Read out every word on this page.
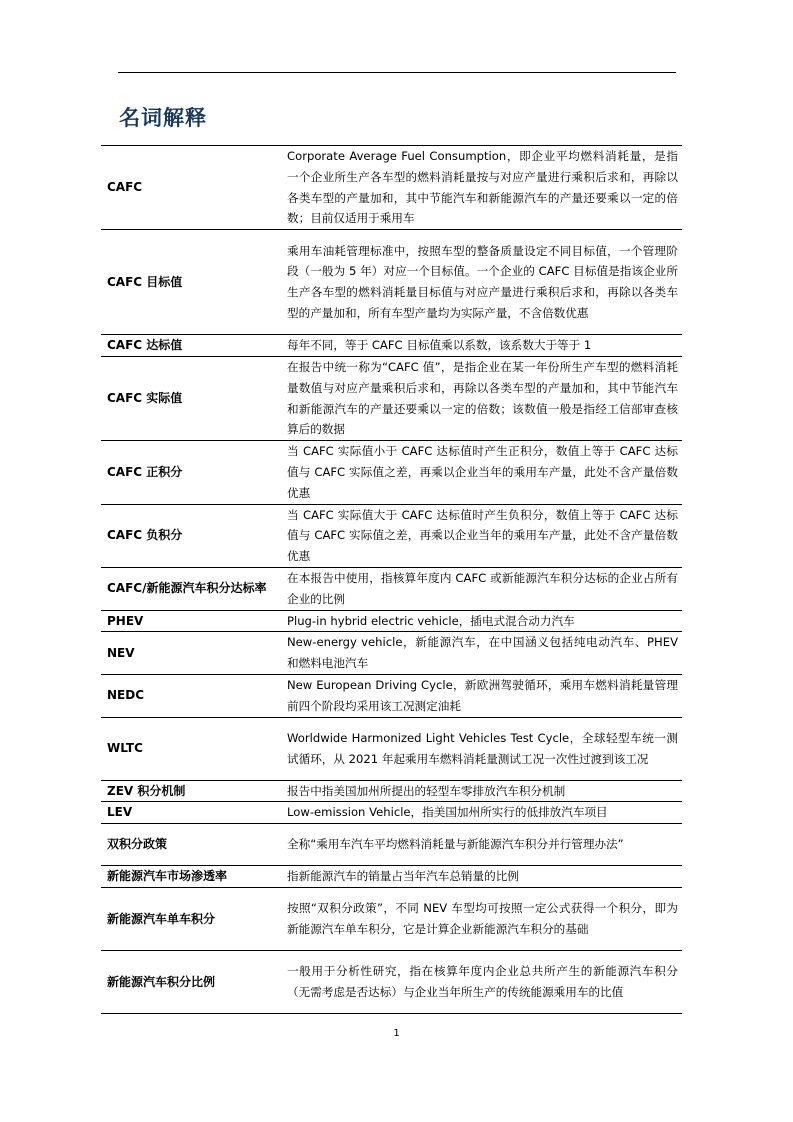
名词解释
CAFC	Corporate Average Fuel Consumption，即企业平均燃料消耗量，是指一个企业所生产各车型的燃料消耗量按与对应产量进行乘积后求和，再除以各类车型的产量加和，其中节能汽车和新能源汽车的产量还要乘以一定的倍数；目前仅适用于乘用车
CAFC 目标值	乘用车油耗管理标准中，按照车型的整备质量设定不同目标值，一个管理阶段（一般为 5 年）对应一个目标值。一个企业的 CAFC 目标值是指该企业所生产各车型的燃料消耗量目标值与对应产量进行乘积后求和，再除以各类车型的产量加和，所有车型产量均为实际产量，不含倍数优惠
CAFC 达标值	每年不同，等于 CAFC 目标值乘以系数，该系数大于等于 1
CAFC 实际值	在报告中统一称为“CAFC 值”，是指企业在某一年份所生产车型的燃料消耗量数值与对应产量乘积后求和，再除以各类车型的产量加和，其中节能汽车和新能源汽车的产量还要乘以一定的倍数；该数值一般是指经工信部审查核算后的数据
CAFC 正积分	当 CAFC 实际值小于 CAFC 达标值时产生正积分，数值上等于 CAFC 达标值与 CAFC 实际值之差，再乘以企业当年的乘用车产量，此处不含产量倍数优惠
CAFC 负积分	当 CAFC 实际值大于 CAFC 达标值时产生负积分，数值上等于 CAFC 达标值与 CAFC 实际值之差，再乘以企业当年的乘用车产量，此处不含产量倍数优惠
CAFC/新能源汽车积分达标率	在本报告中使用，指核算年度内 CAFC 或新能源汽车积分达标的企业占所有企业的比例
PHEV	Plug-in hybrid electric vehicle，插电式混合动力汽车
NEV	New-energy vehicle，新能源汽车，在中国涵义包括纯电动汽车、PHEV 和燃料电池汽车
NEDC	New European Driving Cycle，新欧洲驾驶循环，乘用车燃料消耗量管理前四个阶段均采用该工况测定油耗
WLTC	Worldwide Harmonized Light Vehicles Test Cycle，全球轻型车统一测试循环，从 2021 年起乘用车燃料消耗量测试工况一次性过渡到该工况
ZEV 积分机制	报告中指美国加州所提出的轻型车零排放汽车积分机制
LEV	Low-emission Vehicle，指美国加州所实行的低排放汽车项目
双积分政策	全称“乘用车汽车平均燃料消耗量与新能源汽车积分并行管理办法”
新能源汽车市场渗透率	指新能源汽车的销量占当年汽车总销量的比例
新能源汽车单车积分	按照“双积分政策”，不同 NEV 车型均可按照一定公式获得一个积分，即为新能源汽车单车积分，它是计算企业新能源汽车积分的基础
新能源汽车积分比例	一般用于分析性研究，指在核算年度内企业总共所产生的新能源汽车积分（无需考虑是否达标）与企业当年所生产的传统能源乘用车的比值
1
